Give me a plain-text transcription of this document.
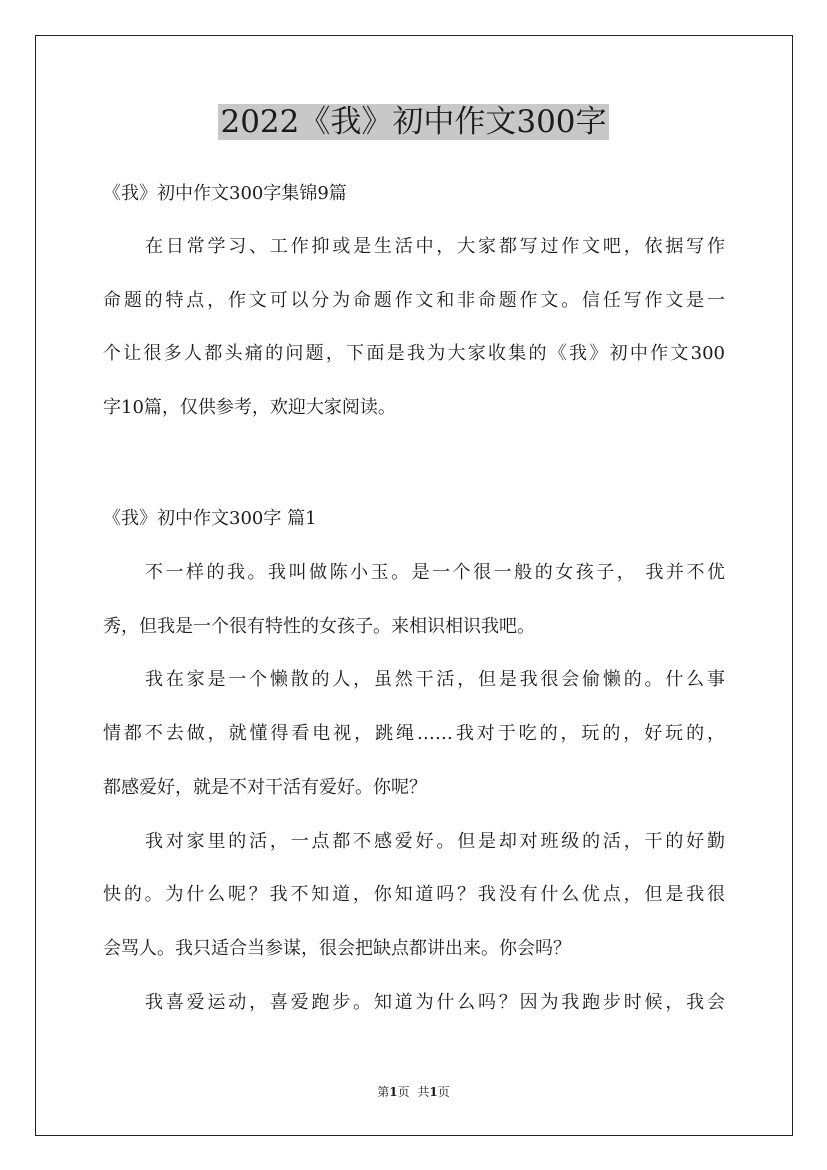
2022《我》初中作文300字
《我》初中作文300字集锦9篇
在日常学习、工作抑或是生活中，大家都写过作文吧，依据写作
命题的特点，作文可以分为命题作文和非命题作文。信任写作文是一
个让很多人都头痛的问题，下面是我为大家收集的《我》初中作文300
字10篇，仅供参考，欢迎大家阅读。
《我》初中作文300字 篇1
不一样的我。我叫做陈小玉。是一个很一般的女孩子， 我并不优
秀，但我是一个很有特性的女孩子。来相识相识我吧。
我在家是一个懒散的人，虽然干活，但是我很会偷懒的。什么事
情都不去做，就懂得看电视，跳绳……我对于吃的，玩的，好玩的，
都感爱好，就是不对干活有爱好。你呢？
我对家里的活，一点都不感爱好。但是却对班级的活，干的好勤
快的。为什么呢？我不知道，你知道吗？我没有什么优点，但是我很
会骂人。我只适合当参谋，很会把缺点都讲出来。你会吗？
我喜爱运动，喜爱跑步。知道为什么吗？因为我跑步时候，我会
第1页 共1页
